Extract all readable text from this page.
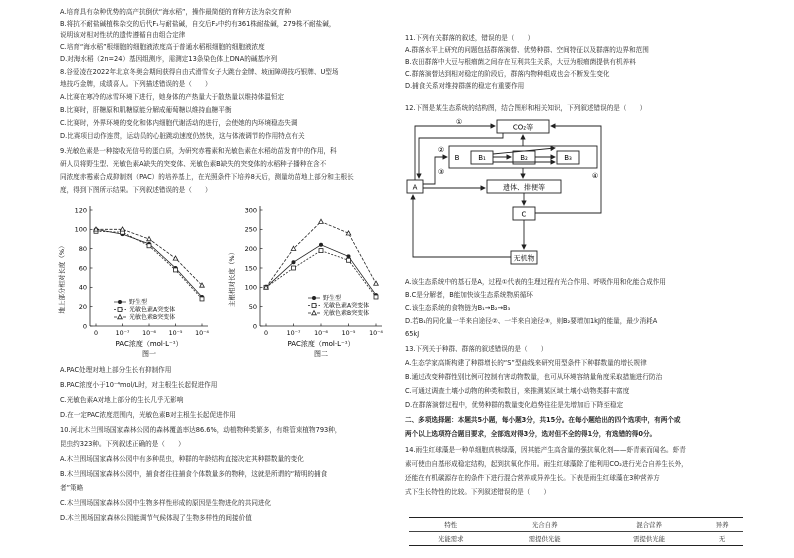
A.培育具有杂种优势的高产抗倒伏“海水稻”，操作最简便的育种方法为杂交育种
B.将抗不耐盐碱植株杂交的后代F₁与耐盐碱，自交后F₂中约有361株耐盐碱，279株不耐盐碱，
说明该对相对性状的遗传遵循自由组合定律
C.培育“海水稻”根细胞的细胞液浓度高于普通水稻根细胞的细胞液浓度
D.对海水稻（2n=24）基因组测序，需测定13条染色体上DNA的碱基序列
8.谷爱凌在2022年北京冬奥会期间获得自由式滑雪女子大跳台金牌、坡面障碍技巧银牌、U型场
地技巧金牌，成绩喜人。下列描述错误的是（　　）
A.比赛在寒冷的冰雪环境下进行，她身体的产热量大于散热量以维持体温恒定
B.比赛时，肝糖原和肌糖原能分解成葡萄糖以维持血糖平衡
C.比赛时，外界环境的变化和体内细胞代谢活动的进行，会使她的内环境稳态失调
D.比赛项目动作连贯，运动员的心脏跳动速度仍然快，这与体液调节的作用特点有关
9.光敏色素是一种接收光信号的蛋白质，为研究赤霉素和光敏色素在水稻幼苗发育中的作用，科
研人员将野生型、光敏色素A缺失的突变体、光敏色素B缺失的突变体的水稻种子播种在含不
同浓度赤霉素合成抑制剂（PAC）的培养基上，在光照条件下培养8天后，测量幼苗地上部分和主根长
度，得到下图所示结果。下列叙述错误的是（　　）
地上部分相对长度（%）
0
20
40
60
80
100
120
0	10⁻⁷ 10⁻⁶ 10⁻⁵ 10⁻⁴
野生型
光敏色素A突变体
光敏色素B突变体
PAC浓度（mol·L⁻¹）
图一
主根相对长度（%）
0
50
100
150
200
250
300
0	10⁻⁷ 10⁻⁶ 10⁻⁵ 10⁻⁴
野生型
光敏色素A突变体
光敏色素B突变体
PAC浓度（mol·L⁻¹）
图二
A.PAC处理对地上部分生长有抑制作用
B.PAC浓度小于10⁻⁴mol/L时，对主根生长起促进作用
C.光敏色素A对地上部分的生长几乎无影响
D.在一定PAC浓度范围内，光敏色素B对主根生长起促进作用
10.河北木兰围场国家森林公园的森林覆盖率达86.6%，动植物种类繁多，有维管束植物793种，
昆虫约323种。下列叙述正确的是（　　）
A.木兰围场国家森林公园中有多种昆虫，种群的年龄结构直接决定其种群数量的变化
B.木兰围场国家森林公园中，捕食者往往捕食个体数量多的物种，这就是所谓的“精明的捕食
者”策略
C.木兰围场国家森林公园中生物多样性形成的原因是生物进化的共同进化
D.木兰围场国家森林公园能调节气候体现了生物多样性的间接价值
11.下列有关群落的叙述，错误的是（　　）
A.群落水平上研究的问题包括群落演替、优势种群、空间特征以及群落的边界和范围
B.农田群落中大豆与根瘤菌之间存在互利共生关系，大豆为根瘤菌提供有机养料
C.群落演替达到相对稳定的阶段后，群落内物种组成也会不断发生变化
D.捕食关系对维持群落的稳定有重要作用
12.下图是某生态系统的结构图，结合图形和相关知识，下列叙述错误的是（　　）
CO₂等
A
B	B₁	B₂	B₃
遗体、排便等
C
无机物
①
②
③	④
A.该生态系统中的基石是A，过程①代表的生理过程有光合作用、呼吸作用和化能合成作用
B.C是分解者，B能加快该生态系统物质循环
C.该生态系统的食物链为B₁→B₂→B₃
D.若B₁的同化量一半来自途径②、一半来自途径③，则B₂要增加1kJ的能量，最少消耗A
65kJ
13.下列关于种群、群落的叙述错误的是（　　）
A.生态学家高斯构建了种群增长的“S”型曲线来研究用型条件下种群数量的增长规律
B.通过改变种群性别比例可控制有害动物数量，也可从环境容纳量角度采取措施进行防治
C.可通过调查土壤小动物的种类和数目，来推测某区域土壤小动物类群丰富度
D.在群落演替过程中，优势种群的数量变化趋势往往是先增加后下降至稳定
二、多项选择题：本题共5小题，每小题3分，共15分。在每小题给出的四个选项中，有两个或
两个以上选项符合题目要求，全部选对得3分，选对但不全的得1分，有选错的得0分。
14.雨生红球藻是一种单细胞真核绿藻，因其能产生高含量的强抗氧化剂——虾青素而闻名。虾青
素可使由自基形成稳定结构，起到抗氧化作用。雨生红球藻除了能利用CO₂进行光合自养生长外，
还能在有机碳源存在的条件下进行混合营养或异养生长。下表是雨生红球藻在3种营养方
式下生长特性的比较。下列叙述错误的是（　　）
特性	光合自养	混合营养	异养
光能需求	需提供光能	需提供光能	无
